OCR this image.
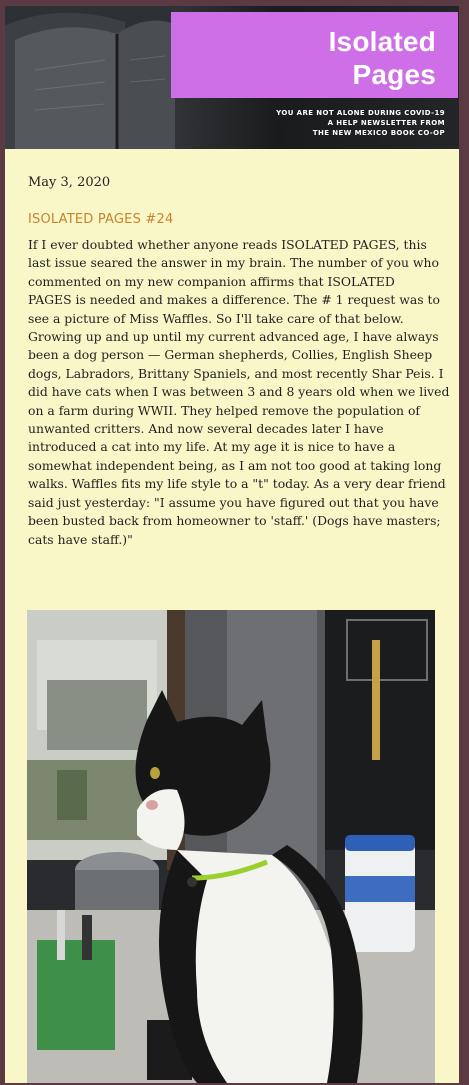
Isolated
Pages
YOU ARE NOT ALONE DURING COVID-19
A HELP NEWSLETTER FROM
THE NEW MEXICO BOOK CO-OP
May 3, 2020
ISOLATED PAGES #24
If I ever doubted whether anyone reads ISOLATED PAGES, this
last issue seared the answer in my brain. The number of you who
commented on my new companion affirms that ISOLATED
PAGES is needed and makes a difference. The # 1 request was to
see a picture of Miss Waffles. So I'll take care of that below.
Growing up and up until my current advanced age, I have always
been a dog person — German shepherds, Collies, English Sheep
dogs, Labradors, Brittany Spaniels, and most recently Shar Peis. I
did have cats when I was between 3 and 8 years old when we lived
on a farm during WWII. They helped remove the population of
unwanted critters. And now several decades later I have
introduced a cat into my life. At my age it is nice to have a
somewhat independent being, as I am not too good at taking long
walks. Waffles fits my life style to a "t" today. As a very dear friend
said just yesterday: "I assume you have figured out that you have
been busted back from homeowner to 'staff.' (Dogs have masters;
cats have staff.)"
